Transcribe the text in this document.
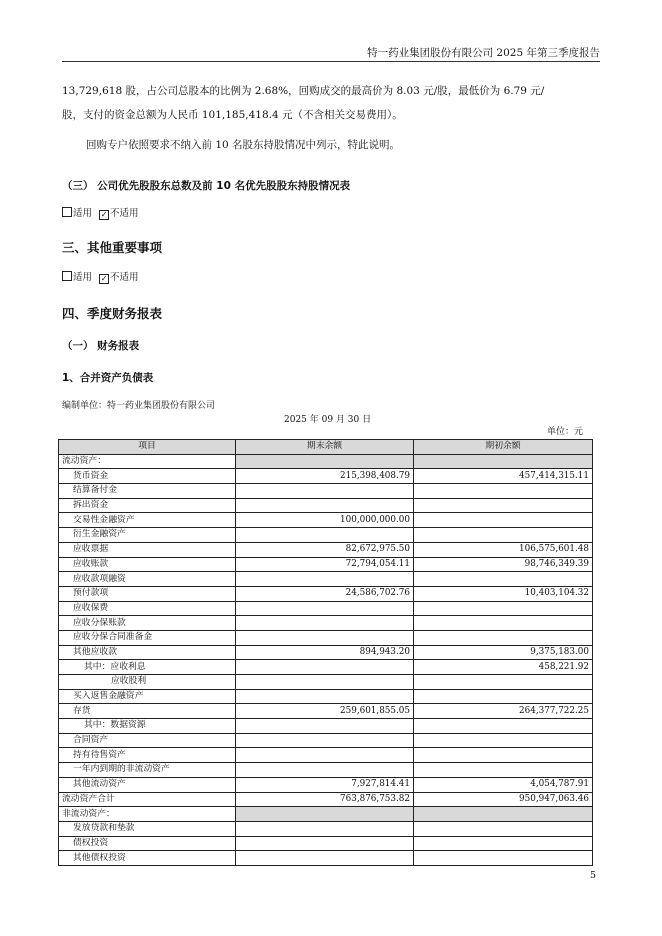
特一药业集团股份有限公司 2025 年第三季度报告
13,729,618 股，占公司总股本的比例为 2.68%，回购成交的最高价为 8.03 元/股，最低价为 6.79 元/
股，支付的资金总额为人民币 101,185,418.4 元（不含相关交易费用）。
回购专户依照要求不纳入前 10 名股东持股情况中列示，特此说明。
（三） 公司优先股股东总数及前 10 名优先股股东持股情况表
适用 ✓ 不适用
三、其他重要事项
适用 ✓ 不适用
四、季度财务报表
（一） 财务报表
1、合并资产负债表
编制单位：特一药业集团股份有限公司
2025 年 09 月 30 日
单位：元
项目	期末余额	期初余额
流动资产：		
货币资金	215,398,408.79	457,414,315.11
结算备付金		
拆出资金		
交易性金融资产	100,000,000.00	
衍生金融资产		
应收票据	82,672,975.50	106,575,601.48
应收账款	72,794,054.11	98,746,349.39
应收款项融资		
预付款项	24,586,702.76	10,403,104.32
应收保费		
应收分保账款		
应收分保合同准备金		
其他应收款	894,943.20	9,375,183.00
其中：应收利息		458,221.92
应收股利		
买入返售金融资产		
存货	259,601,855.05	264,377,722.25
其中：数据资源		
合同资产		
持有待售资产		
一年内到期的非流动资产		
其他流动资产	7,927,814.41	4,054,787.91
流动资产合计	763,876,753.82	950,947,063.46
非流动资产：		
发放贷款和垫款		
债权投资		
其他债权投资		
5
